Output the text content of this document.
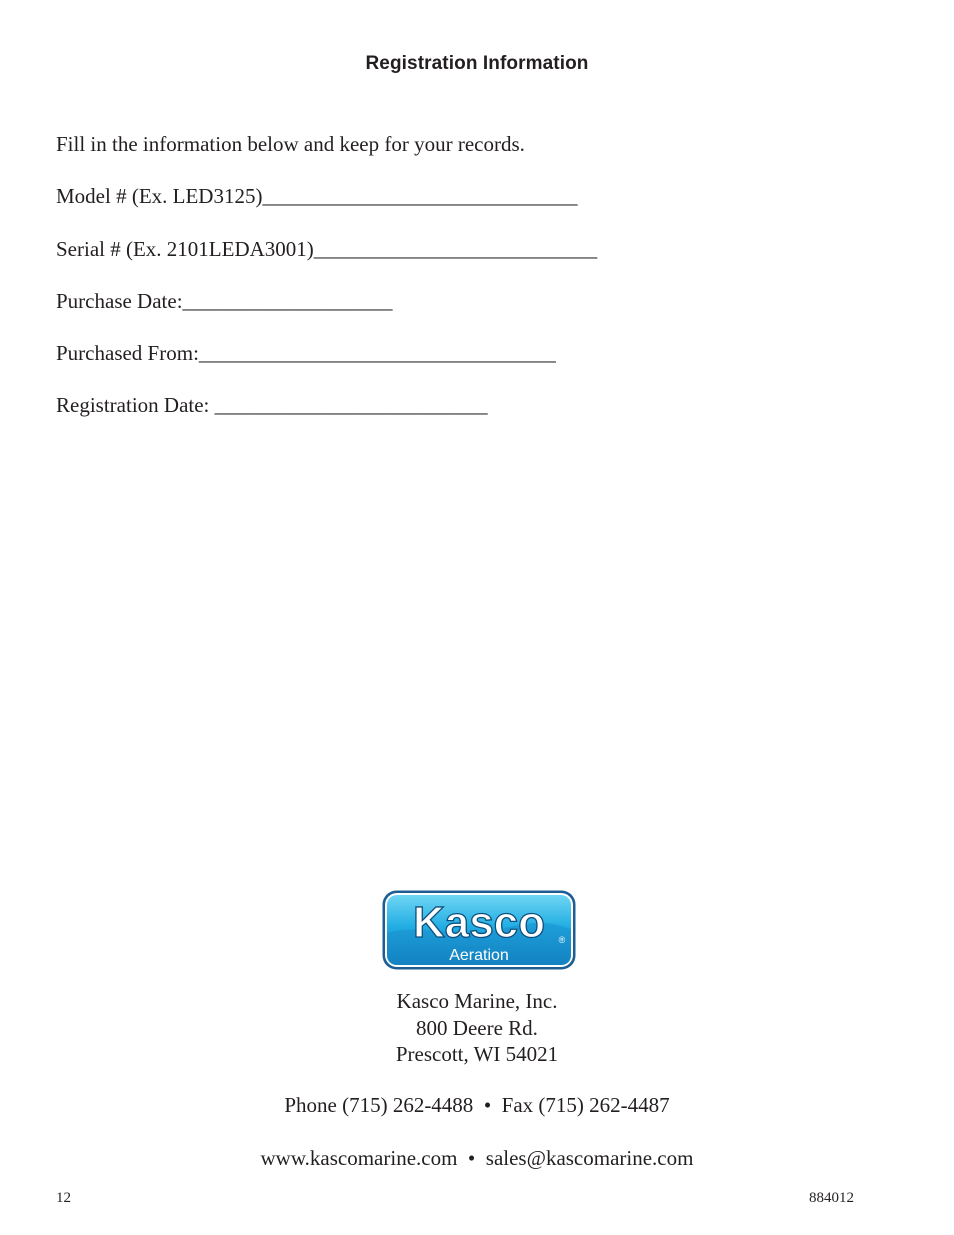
Registration Information

Fill in the information below and keep for your records.

Model # (Ex. LED3125)______________________________

Serial # (Ex. 2101LEDA3001)___________________________

Purchase Date:____________________

Purchased From:__________________________________

Registration Date: __________________________

Kasco ®
Aeration
Kasco Marine, Inc.
800 Deere Rd.
Prescott, WI 54021
Phone (715) 262-4488 • Fax (715) 262-4487
www.kascomarine.com • sales@kascomarine.com
12	884012
